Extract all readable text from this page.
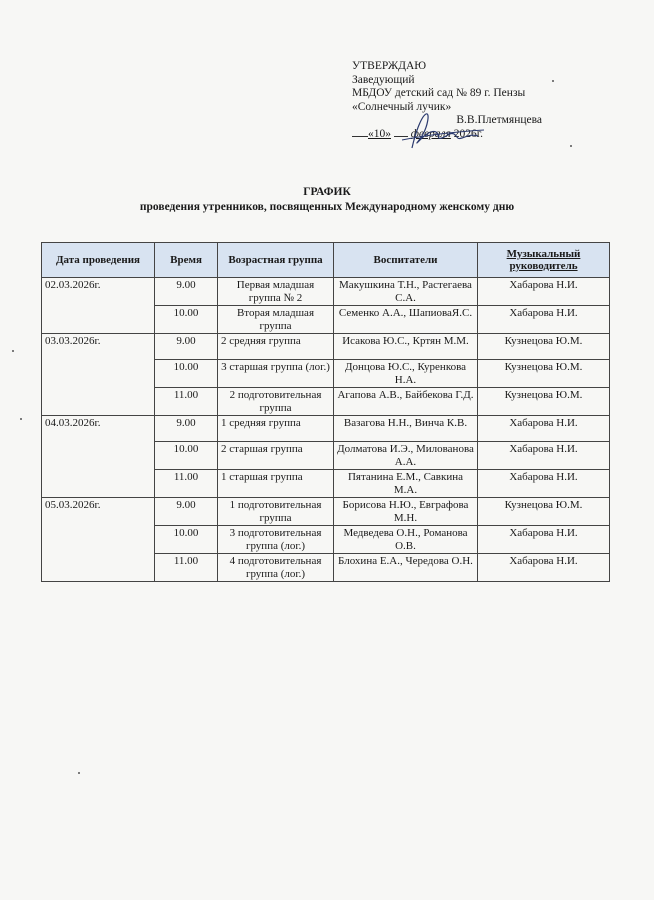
УТВЕРЖДАЮ
Заведующий
МБДОУ детский сад № 89 г. Пензы
«Солнечный лучик»
В.В.Плетмянцева
«10» февраля 2026г.
ГРАФИК
проведения утренников, посвященных Международному женскому дню
Дата проведения	Время	Возрастная группа	Воспитатели	Музыкальный руководитель
02.03.2026г.	9.00	Первая младшая группа № 2	Макушкина Т.Н., Растегаева С.А.	Хабарова Н.И.
	10.00	Вторая младшая группа	Семенко А.А., ШапиоваЯ.С.	Хабарова Н.И.
03.03.2026г.	9.00	2 средняя группа	Исакова Ю.С., Кртян М.М.	Кузнецова Ю.М.
	10.00	3 старшая группа (лог.)	Донцова Ю.С., Куренкова Н.А.	Кузнецова Ю.М.
	11.00	2 подготовительная группа	Агапова А.В., Байбекова Г.Д.	Кузнецова Ю.М.
04.03.2026г.	9.00	1 средняя группа	Вазагова Н.Н., Винча К.В.	Хабарова Н.И.
	10.00	2 старшая группа	Долматова И.Э., Милованова А.А.	Хабарова Н.И.
	11.00	1 старшая группа	Пятанина Е.М., Савкина М.А.	Хабарова Н.И.
05.03.2026г.	9.00	1 подготовительная группа	Борисова Н.Ю., Евграфова М.Н.	Кузнецова Ю.М.
	10.00	3 подготовительная группа (лог.)	Медведева О.Н., Романова О.В.	Хабарова Н.И.
	11.00	4 подготовительная группа (лог.)	Блохина Е.А., Чередова О.Н.	Хабарова Н.И.
